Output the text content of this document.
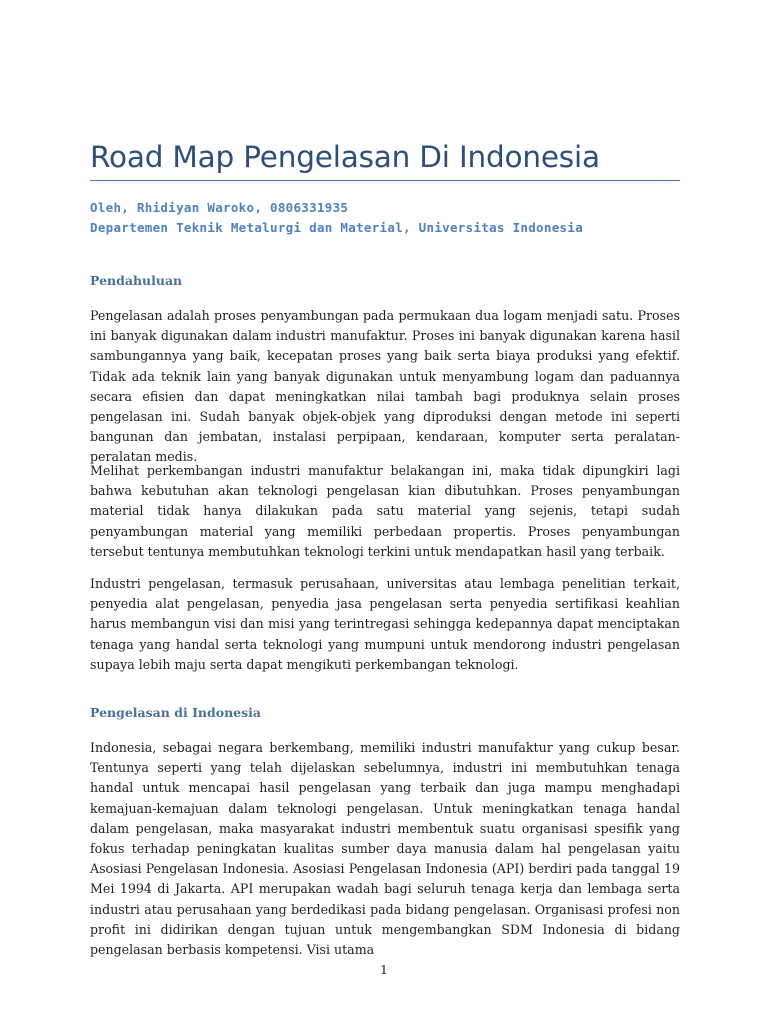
Road Map Pengelasan Di Indonesia
Oleh, Rhidiyan Waroko, 0806331935
Departemen Teknik Metalurgi dan Material, Universitas Indonesia
Pendahuluan

Pengelasan adalah proses penyambungan pada permukaan dua logam menjadi satu. Proses ini banyak digunakan dalam industri manufaktur. Proses ini banyak digunakan karena hasil sambungannya yang baik, kecepatan proses yang baik serta biaya produksi yang efektif. Tidak ada teknik lain yang banyak digunakan untuk menyambung logam dan paduannya secara efisien dan dapat meningkatkan nilai tambah bagi produknya selain proses pengelasan ini. Sudah banyak objek-objek yang diproduksi dengan metode ini seperti bangunan dan jembatan, instalasi perpipaan, kendaraan, komputer serta peralatan-peralatan medis.

Melihat perkembangan industri manufaktur belakangan ini, maka tidak dipungkiri lagi bahwa kebutuhan akan teknologi pengelasan kian dibutuhkan. Proses penyambungan material tidak hanya dilakukan pada satu material yang sejenis, tetapi sudah penyambungan material yang memiliki perbedaan propertis. Proses penyambungan tersebut tentunya membutuhkan teknologi terkini untuk mendapatkan hasil yang terbaik.

Industri pengelasan, termasuk perusahaan, universitas atau lembaga penelitian terkait, penyedia alat pengelasan, penyedia jasa pengelasan serta penyedia sertifikasi keahlian harus membangun visi dan misi yang terintregasi sehingga kedepannya dapat menciptakan tenaga yang handal serta teknologi yang mumpuni untuk mendorong industri pengelasan supaya lebih maju serta dapat mengikuti perkembangan teknologi.

Pengelasan di Indonesia

Indonesia, sebagai negara berkembang, memiliki industri manufaktur yang cukup besar. Tentunya seperti yang telah dijelaskan sebelumnya, industri ini membutuhkan tenaga handal untuk mencapai hasil pengelasan yang terbaik dan juga mampu menghadapi kemajuan-kemajuan dalam teknologi pengelasan. Untuk meningkatkan tenaga handal dalam pengelasan, maka masyarakat industri membentuk suatu organisasi spesifik yang fokus terhadap peningkatan kualitas sumber daya manusia dalam hal pengelasan yaitu Asosiasi Pengelasan Indonesia. Asosiasi Pengelasan Indonesia (API) berdiri pada tanggal 19 Mei 1994 di Jakarta. API merupakan wadah bagi seluruh tenaga kerja dan lembaga serta industri atau perusahaan yang berdedikasi pada bidang pengelasan. Organisasi profesi non profit ini didirikan dengan tujuan untuk mengembangkan SDM Indonesia di bidang pengelasan berbasis kompetensi. Visi utama

1
